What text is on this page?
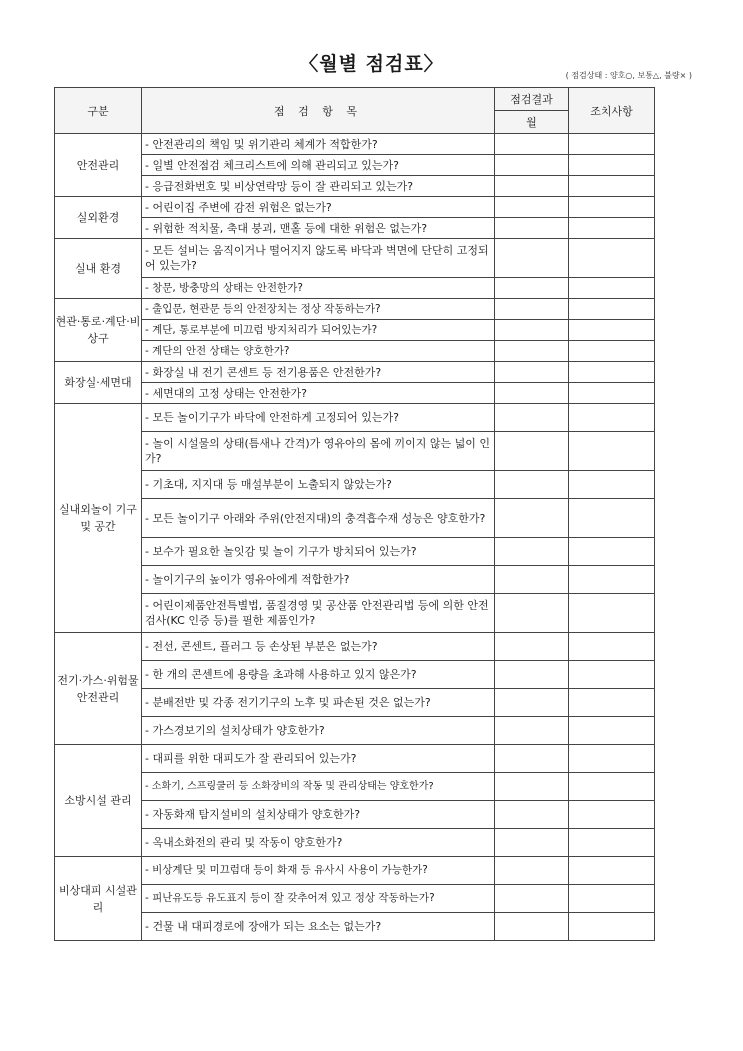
〈월별 점검표〉
( 점검상태 : 양호○, 보통△, 불량× )
구분	점 검 항 목	점검결과	조치사항
		월	
안전관리	- 안전관리의 책임 및 위기관리 체계가 적합한가?		
	- 일별 안전점검 체크리스트에 의해 관리되고 있는가?		
	- 응급전화번호 및 비상연락망 등이 잘 관리되고 있는가?		
실외환경	- 어린이집 주변에 감전 위험은 없는가?		
	- 위험한 적치물, 축대 붕괴, 맨홀 등에 대한 위험은 없는가?		
실내 환경	- 모든 설비는 움직이거나 떨어지지 않도록 바닥과 벽면에 단단히 고정되어 있는가?		
	- 창문, 방충망의 상태는 안전한가?		
현관·통로·계단·비상구	- 출입문, 현관문 등의 안전장치는 정상 작동하는가?		
	- 계단, 통로부분에 미끄럼 방지처리가 되어있는가?		
	- 계단의 안전 상태는 양호한가?		
화장실·세면대	- 화장실 내 전기 콘센트 등 전기용품은 안전한가?		
	- 세면대의 고정 상태는 안전한가?		
실내외놀이 기구 및 공간	- 모든 놀이기구가 바닥에 안전하게 고정되어 있는가?		
	- 놀이 시설물의 상태(틈새나 간격)가 영유아의 몸에 끼이지 않는 넓이 인가?		
	- 기초대, 지지대 등 매설부분이 노출되지 않았는가?		
	- 모든 놀이기구 아래와 주위(안전지대)의 충격흡수재 성능은 양호한가?		
	- 보수가 필요한 놀잇감 및 놀이 기구가 방치되어 있는가?		
	- 놀이기구의 높이가 영유아에게 적합한가?		
	- 어린이제품안전특별법, 품질경영 및 공산품 안전관리법 등에 의한 안전검사(KC 인증 등)를 필한 제품인가?		
전기·가스·위험물 안전관리	- 전선, 콘센트, 플러그 등 손상된 부분은 없는가?		
	- 한 개의 콘센트에 용량을 초과해 사용하고 있지 않은가?		
	- 분배전반 및 각종 전기기구의 노후 및 파손된 것은 없는가?		
	- 가스경보기의 설치상태가 양호한가?		
소방시설 관리	- 대피를 위한 대피도가 잘 관리되어 있는가?		
	- 소화기, 스프링쿨러 등 소화장비의 작동 및 관리상태는 양호한가?		
	- 자동화재 탐지설비의 설치상태가 양호한가?		
	- 옥내소화전의 관리 및 작동이 양호한가?		
비상대피 시설관리	- 비상계단 및 미끄럼대 등이 화재 등 유사시 사용이 가능한가?		
	- 피난유도등 유도표지 등이 잘 갖추어져 있고 정상 작동하는가?		
	- 건물 내 대피경로에 장애가 되는 요소는 없는가?		
